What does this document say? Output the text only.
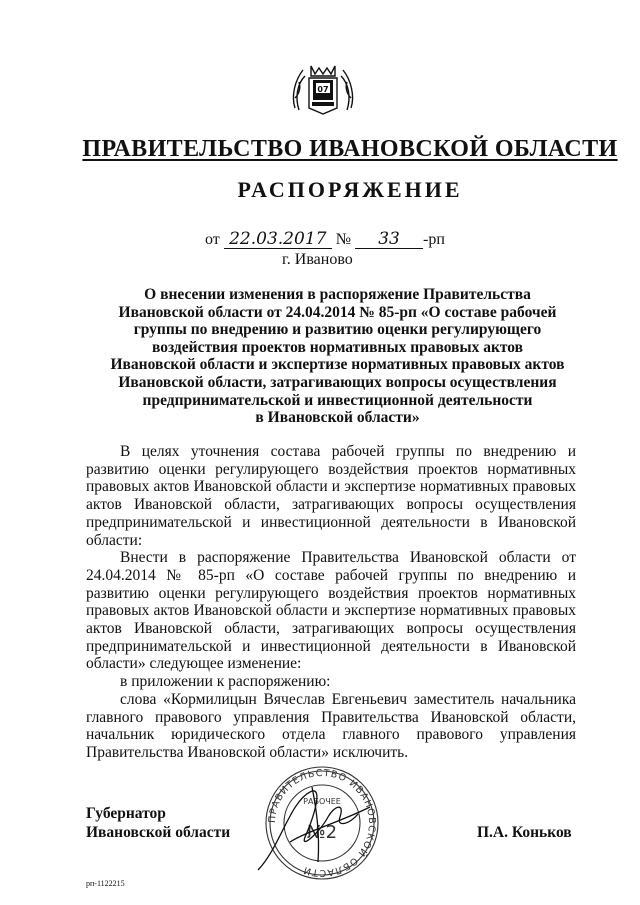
07
ПРАВИТЕЛЬСТВО ИВАНОВСКОЙ ОБЛАСТИ
РАСПОРЯЖЕНИЕ
от 22.03.2017 № 33 -рп
г. Иваново
О внесении изменения в распоряжение Правительства
Ивановской области от 24.04.2014 № 85-рп «О составе рабочей
группы по внедрению и развитию оценки регулирующего
воздействия проектов нормативных правовых актов
Ивановской области и экспертизе нормативных правовых актов
Ивановской области, затрагивающих вопросы осуществления
предпринимательской и инвестиционной деятельности
в Ивановской области»

В целях уточнения состава рабочей группы по внедрению и развитию оценки регулирующего воздействия проектов нормативных правовых актов Ивановской области и экспертизе нормативных правовых актов Ивановской области, затрагивающих вопросы осуществления предпринимательской и инвестиционной деятельности в Ивановской области:

Внести в распоряжение Правительства Ивановской области от 24.04.2014 № 85-рп «О составе рабочей группы по внедрению и развитию оценки регулирующего воздействия проектов нормативных правовых актов Ивановской области и экспертизе нормативных правовых актов Ивановской области, затрагивающих вопросы осуществления предпринимательской и инвестиционной деятельности в Ивановской области» следующее изменение:

в приложении к распоряжению:

слова «Кормилицын Вячеслав Евгеньевич заместитель начальника главного правового управления Правительства Ивановской области, начальник юридического отдела главного правового управления Правительства Ивановской области» исключить.

ПРАВИТЕЛЬСТВО ИВАНОВСКОЙ ОБЛАСТИ
РАБОЧЕЕ
№2
Губернатор
Ивановской области	П.А. Коньков
рп-1122215
